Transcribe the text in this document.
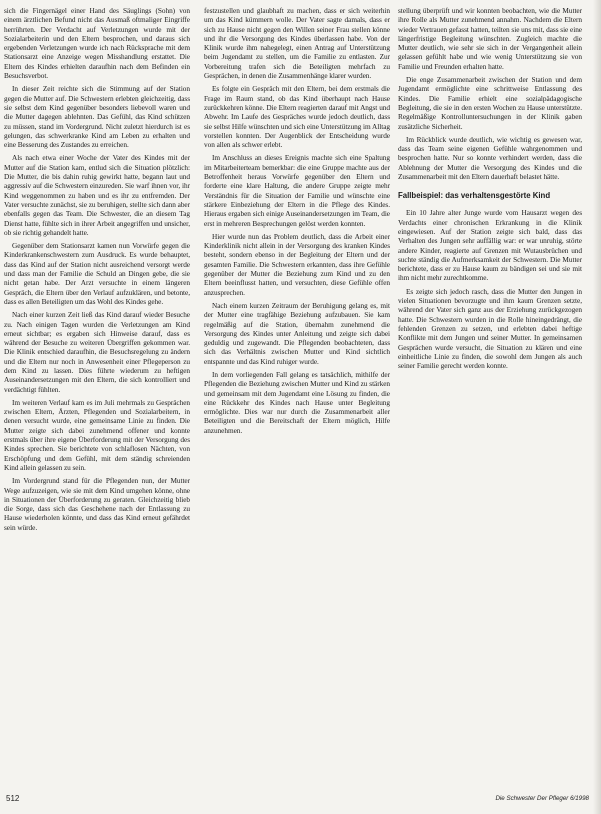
sich die Fingernägel einer Hand des Säuglings (Sohn) von einem ärztlichen Befund nicht das Ausmaß oftmaliger Eingriffe herrührten. Der Verdacht auf Verletzungen wurde mit der Sozialarbeiterin und den Eltern besprochen, und daraus sich ergebenden Verletzungen wurde ich nach Rücksprache mit dem Stationsarzt eine Anzeige wegen Misshandlung erstattet. Die Eltern des Kindes erhielten daraufhin nach dem Befinden ein Besuchsverbot.

In dieser Zeit reichte sich die Stimmung auf der Station gegen die Mutter auf. Die Schwestern erlebten gleichzeitig, dass sie selbst dem Kind gegenüber besonders liebevoll waren und die Mutter dagegen ablehnten. Das Gefühl, das Kind schützen zu müssen, stand im Vordergrund. Nicht zuletzt hierdurch ist es gelungen, das schwerkranke Kind am Leben zu erhalten und eine Besserung des Zustandes zu erreichen.

Als nach etwa einer Woche der Vater des Kindes mit der Mutter auf die Station kam, entlud sich die Situation plötzlich: Die Mutter, die bis dahin ruhig gewirkt hatte, begann laut und aggressiv auf die Schwestern einzureden. Sie warf ihnen vor, ihr Kind weggenommen zu haben und es ihr zu entfremden. Der Vater versuchte zunächst, sie zu beruhigen, stellte sich dann aber ebenfalls gegen das Team. Die Schwester, die an diesem Tag Dienst hatte, fühlte sich in ihrer Arbeit angegriffen und unsicher, ob sie richtig gehandelt hatte.

Gegenüber dem Stationsarzt kamen nun Vorwürfe gegen die Kinderkrankenschwestern zum Ausdruck. Es wurde behauptet, dass das Kind auf der Station nicht ausreichend versorgt werde und dass man der Familie die Schuld an Dingen gebe, die sie nicht getan habe. Der Arzt versuchte in einem längeren Gespräch, die Eltern über den Verlauf aufzuklären, und betonte, dass es allen Beteiligten um das Wohl des Kindes gehe.

Nach einer kurzen Zeit ließ das Kind darauf wieder Besuche zu. Nach einigen Tagen wurden die Verletzungen am Kind erneut sichtbar; es ergaben sich Hinweise darauf, dass es während der Besuche zu weiteren Übergriffen gekommen war. Die Klinik entschied daraufhin, die Besuchsregelung zu ändern und die Eltern nur noch in Anwesenheit einer Pflegeperson zu dem Kind zu lassen. Dies führte wiederum zu heftigen Auseinandersetzungen mit den Eltern, die sich kontrolliert und verdächtigt fühlten.

Im weiteren Verlauf kam es im Juli mehrmals zu Gesprächen zwischen Eltern, Ärzten, Pflegenden und Sozialarbeitern, in denen versucht wurde, eine gemeinsame Linie zu finden. Die Mutter zeigte sich dabei zunehmend offener und konnte erstmals über ihre eigene Überforderung mit der Versorgung des Kindes sprechen. Sie berichtete von schlaflosen Nächten, von Erschöpfung und dem Gefühl, mit dem ständig schreienden Kind allein gelassen zu sein.

Im Vordergrund stand für die Pflegenden nun, der Mutter Wege aufzuzeigen, wie sie mit dem Kind umgehen könne, ohne in Situationen der Überforderung zu geraten. Gleichzeitig blieb die Sorge, dass sich das Geschehene nach der Entlassung zu Hause wiederholen könnte, und dass das Kind erneut gefährdet sein würde.

festzustellen und glaubhaft zu machen, dass er sich weiterhin um das Kind kümmern wolle. Der Vater sagte damals, dass er sich zu Hause nicht gegen den Willen seiner Frau stellen könne und ihr die Versorgung des Kindes überlassen habe. Von der Klinik wurde ihm nahegelegt, einen Antrag auf Unterstützung beim Jugendamt zu stellen, um die Familie zu entlasten. Zur Vorbereitung trafen sich die Beteiligten mehrfach zu Gesprächen, in denen die Zusammenhänge klarer wurden.

Es folgte ein Gespräch mit den Eltern, bei dem erstmals die Frage im Raum stand, ob das Kind überhaupt nach Hause zurückkehren könne. Die Eltern reagierten darauf mit Angst und Abwehr. Im Laufe des Gespräches wurde jedoch deutlich, dass sie selbst Hilfe wünschten und sich eine Unterstützung im Alltag vorstellen konnten. Der Augenblick der Entscheidung wurde von allen als schwer erlebt.

Im Anschluss an dieses Ereignis machte sich eine Spaltung im Mitarbeiterteam bemerkbar: die eine Gruppe machte aus der Betroffenheit heraus Vorwürfe gegenüber den Eltern und forderte eine klare Haltung, die andere Gruppe zeigte mehr Verständnis für die Situation der Familie und wünschte eine stärkere Einbeziehung der Eltern in die Pflege des Kindes. Hieraus ergaben sich einige Auseinandersetzungen im Team, die erst in mehreren Besprechungen gelöst werden konnten.

Hier wurde nun das Problem deutlich, dass die Arbeit einer Kinderklinik nicht allein in der Versorgung des kranken Kindes besteht, sondern ebenso in der Begleitung der Eltern und der gesamten Familie. Die Schwestern erkannten, dass ihre Gefühle gegenüber der Mutter die Beziehung zum Kind und zu den Eltern beeinflusst hatten, und versuchten, diese Gefühle offen anzusprechen.

Nach einem kurzen Zeitraum der Beruhigung gelang es, mit der Mutter eine tragfähige Beziehung aufzubauen. Sie kam regelmäßig auf die Station, übernahm zunehmend die Versorgung des Kindes unter Anleitung und zeigte sich dabei geduldig und zugewandt. Die Pflegenden beobachteten, dass sich das Verhältnis zwischen Mutter und Kind sichtlich entspannte und das Kind ruhiger wurde.

In dem vorliegenden Fall gelang es tatsächlich, mithilfe der Pflegenden die Beziehung zwischen Mutter und Kind zu stärken und gemeinsam mit dem Jugendamt eine Lösung zu finden, die eine Rückkehr des Kindes nach Hause unter Begleitung ermöglichte. Dies war nur durch die Zusammenarbeit aller Beteiligten und die Bereitschaft der Eltern möglich, Hilfe anzunehmen.

stellung überprüft und wir konnten beobachten, wie die Mutter ihre Rolle als Mutter zunehmend annahm. Nachdem die Eltern wieder Vertrauen gefasst hatten, teilten sie uns mit, dass sie eine längerfristige Begleitung wünschten. Zugleich machte die Mutter deutlich, wie sehr sie sich in der Vergangenheit allein gelassen gefühlt habe und wie wenig Unterstützung sie von Familie und Freunden erhalten hatte.

Die enge Zusammenarbeit zwischen der Station und dem Jugendamt ermöglichte eine schrittweise Entlassung des Kindes. Die Familie erhielt eine sozialpädagogische Begleitung, die sie in den ersten Wochen zu Hause unterstützte. Regelmäßige Kontrolluntersuchungen in der Klinik gaben zusätzliche Sicherheit.

Im Rückblick wurde deutlich, wie wichtig es gewesen war, dass das Team seine eigenen Gefühle wahrgenommen und besprochen hatte. Nur so konnte verhindert werden, dass die Ablehnung der Mutter die Versorgung des Kindes und die Zusammenarbeit mit den Eltern dauerhaft belastet hätte.

Fallbeispiel: das verhaltensgestörte Kind

Ein 10 Jahre alter Junge wurde vom Hausarzt wegen des Verdachts einer chronischen Erkrankung in die Klinik eingewiesen. Auf der Station zeigte sich bald, dass das Verhalten des Jungen sehr auffällig war: er war unruhig, störte andere Kinder, reagierte auf Grenzen mit Wutausbrüchen und suchte ständig die Aufmerksamkeit der Schwestern. Die Mutter berichtete, dass er zu Hause kaum zu bändigen sei und sie mit ihm nicht mehr zurechtkomme.

Es zeigte sich jedoch rasch, dass die Mutter den Jungen in vielen Situationen bevorzugte und ihm kaum Grenzen setzte, während der Vater sich ganz aus der Erziehung zurückgezogen hatte. Die Schwestern wurden in die Rolle hineingedrängt, die fehlenden Grenzen zu setzen, und erlebten dabei heftige Konflikte mit dem Jungen und seiner Mutter. In gemeinsamen Gesprächen wurde versucht, die Situation zu klären und eine einheitliche Linie zu finden, die sowohl dem Jungen als auch seiner Familie gerecht werden konnte.

512	Die Schwester Der Pfleger 6/1998
